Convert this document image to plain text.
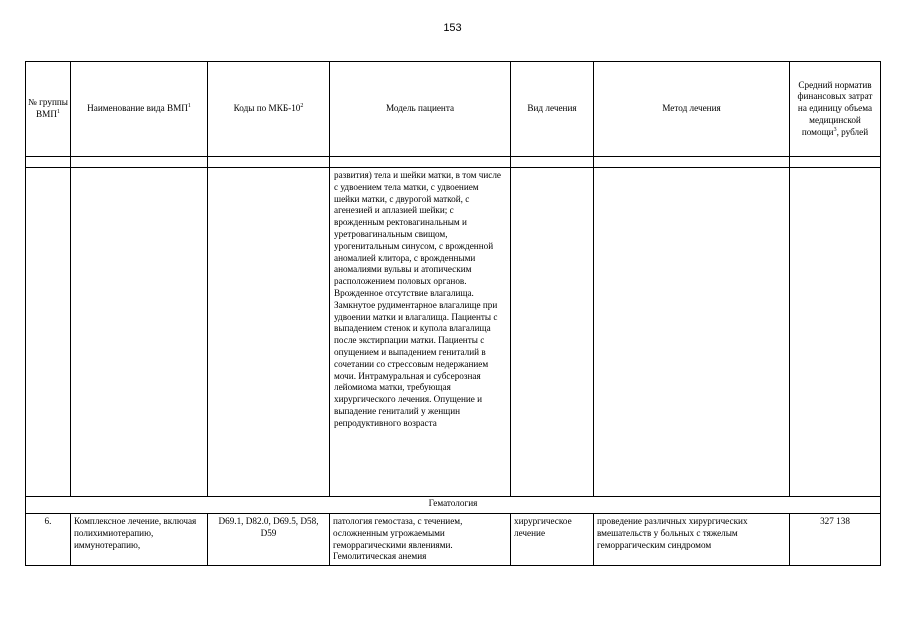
153
№ группы ВМП$^1$	Наименование вида ВМП$^1$	Коды по МКБ-$10^2$	Модель пациента	Вид лечения	Метод лечения	Средний норматив финансовых затрат на единицу объема медицинской помощи$^3$, рублей

			развития) тела и шейки матки, в том числе с удвоением тела матки, с удвоением шейки матки, с двурогой маткой, с агенезией и аплазией шейки; с врожденным ректовагинальным и уретровагинальным свищом, урогенитальным синусом, с врожденной аномалией клитора, с врожденными аномалиями вульвы и атопическим расположением половых органов. Врожденное отсутствие влагалища. Замкнутое рудиментарное влагалище при удвоении матки и влагалища. Пациенты с выпадением стенок и купола влагалища после экстирпации матки. Пациенты с опущением и выпадением гениталий в сочетании со стрессовым недержанием мочи. Интрамуральная и субсерозная лейомиома матки, требующая хирургического лечения. Опущение и выпадение гениталий у женщин репродуктивного возраста			
Гематология						
6.	Комплексное лечение, включая полихимиотерапию, иммунотерапию,	D69.1, D82.0, D69.5, D58, D59	патология гемостаза, с течением, осложненным угрожаемыми геморрагическими явлениями. Гемолитическая анемия	хирургическое лечение	проведение различных хирургических вмешательств у больных с тяжелым геморрагическим синдромом	327 138
